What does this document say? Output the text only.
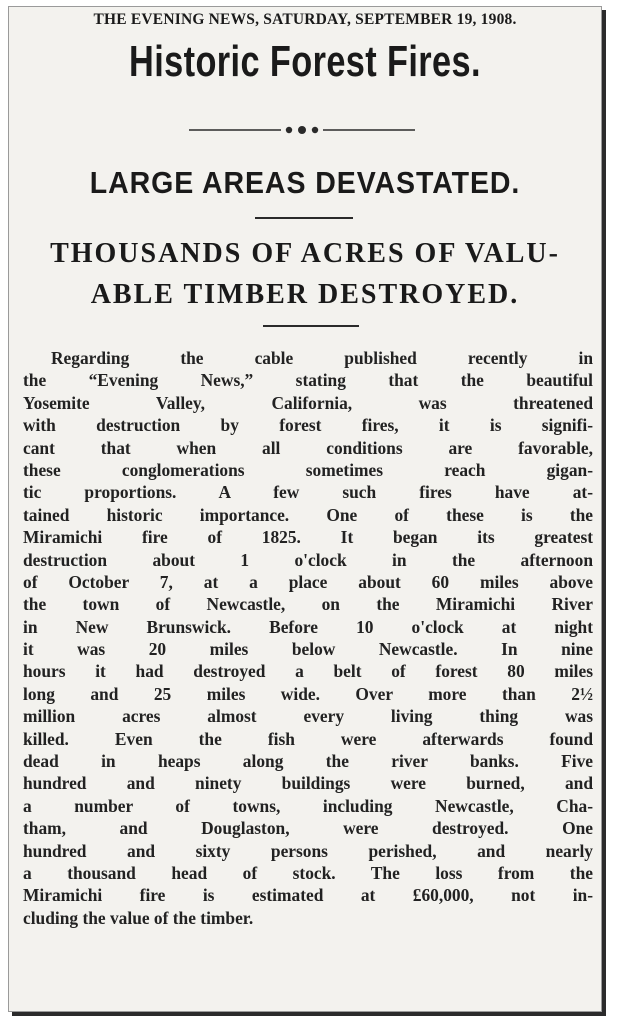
THE EVENING NEWS, SATURDAY, SEPTEMBER 19, 1908.
Historic Forest Fires.
LARGE AREAS DEVASTATED.
THOUSANDS OF ACRES OF VALU-
ABLE TIMBER DESTROYED.
Regarding the cable published recently in
the “Evening News,” stating that the beautiful
Yosemite Valley, California, was threatened
with destruction by forest fires, it is signifi-
cant that when all conditions are favorable,
these conglomerations sometimes reach gigan-
tic proportions. A few such fires have at-
tained historic importance. One of these is the
Miramichi fire of 1825. It began its greatest
destruction about 1 o'clock in the afternoon
of October 7, at a place about 60 miles above
the town of Newcastle, on the Miramichi River
in New Brunswick. Before 10 o'clock at night
it was 20 miles below Newcastle. In nine
hours it had destroyed a belt of forest 80 miles
long and 25 miles wide. Over more than 2½
million acres almost every living thing was
killed. Even the fish were afterwards found
dead in heaps along the river banks. Five
hundred and ninety buildings were burned, and
a number of towns, including Newcastle, Cha-
tham, and Douglaston, were destroyed. One
hundred and sixty persons perished, and nearly
a thousand head of stock. The loss from the
Miramichi fire is estimated at £60,000, not in-
cluding the value of the timber.
